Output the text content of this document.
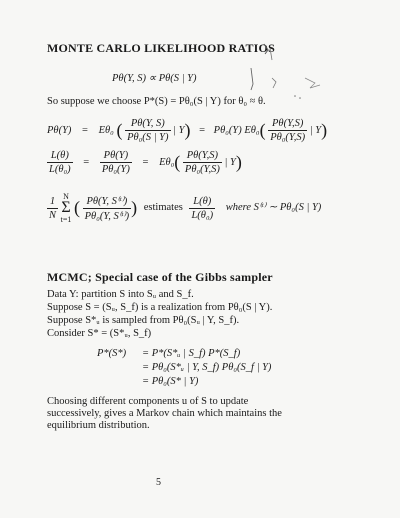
MONTE CARLO LIKELIHOOD RATIOS
Pθ(Y, S) ∝ Pθ(S | Y)
So suppose we choose P*(S) = Pθ₀(S | Y) for θ₀ ≈ θ.
Pθ(Y) = Eθ₀ ( $\frac{P\theta(Y, S)}{\text{Pθ₀(S | Y)}}$ | Y) = Pθ₀(Y) $E\theta_0( \frac{P\theta(Y,S)}{\text{Pθ₀(Y,S)}}$ | Y)
$\frac{L(\theta)}{\text{L(θ₀)}} = \frac{P\theta(Y)}{\text{Pθ₀(Y)}} = E\theta_0( \frac{P\theta(Y,S)}{\text{Pθ₀(Y,S)}}$ | Y)
$\frac{1}{N}$
N
Σ
t=1
( $\frac{\text{Pθ(Y, S⁽ᵗ⁾)}}{\text{Pθ₀(Y, S⁽ᵗ⁾)}}$ ) estimates $\frac{L(\theta)}{\text{L(θ₀)}}$ where S⁽ᵗ⁾ ∼ Pθ₀(S | Y)
MCMC; Special case of the Gibbs sampler
Data Y: partition S into Sᵤ and S_f.
Suppose S = (Sᵤ, S_f) is a realization from Pθ₀(S | Y).
Suppose S*ᵤ is sampled from Pθ₀(Sᵤ | Y, S_f).
Consider S* = (S*ᵤ, S_f)
P*(S*) = P*(S*ᵤ | S_f) P*(S_f)
= Pθ₀(S*ᵤ | Y, S_f) Pθ₀(S_f | Y)
= Pθ₀(S* | Y)
Choosing different components u of S to update
successively, gives a Markov chain which maintains the
equilibrium distribution.
5
